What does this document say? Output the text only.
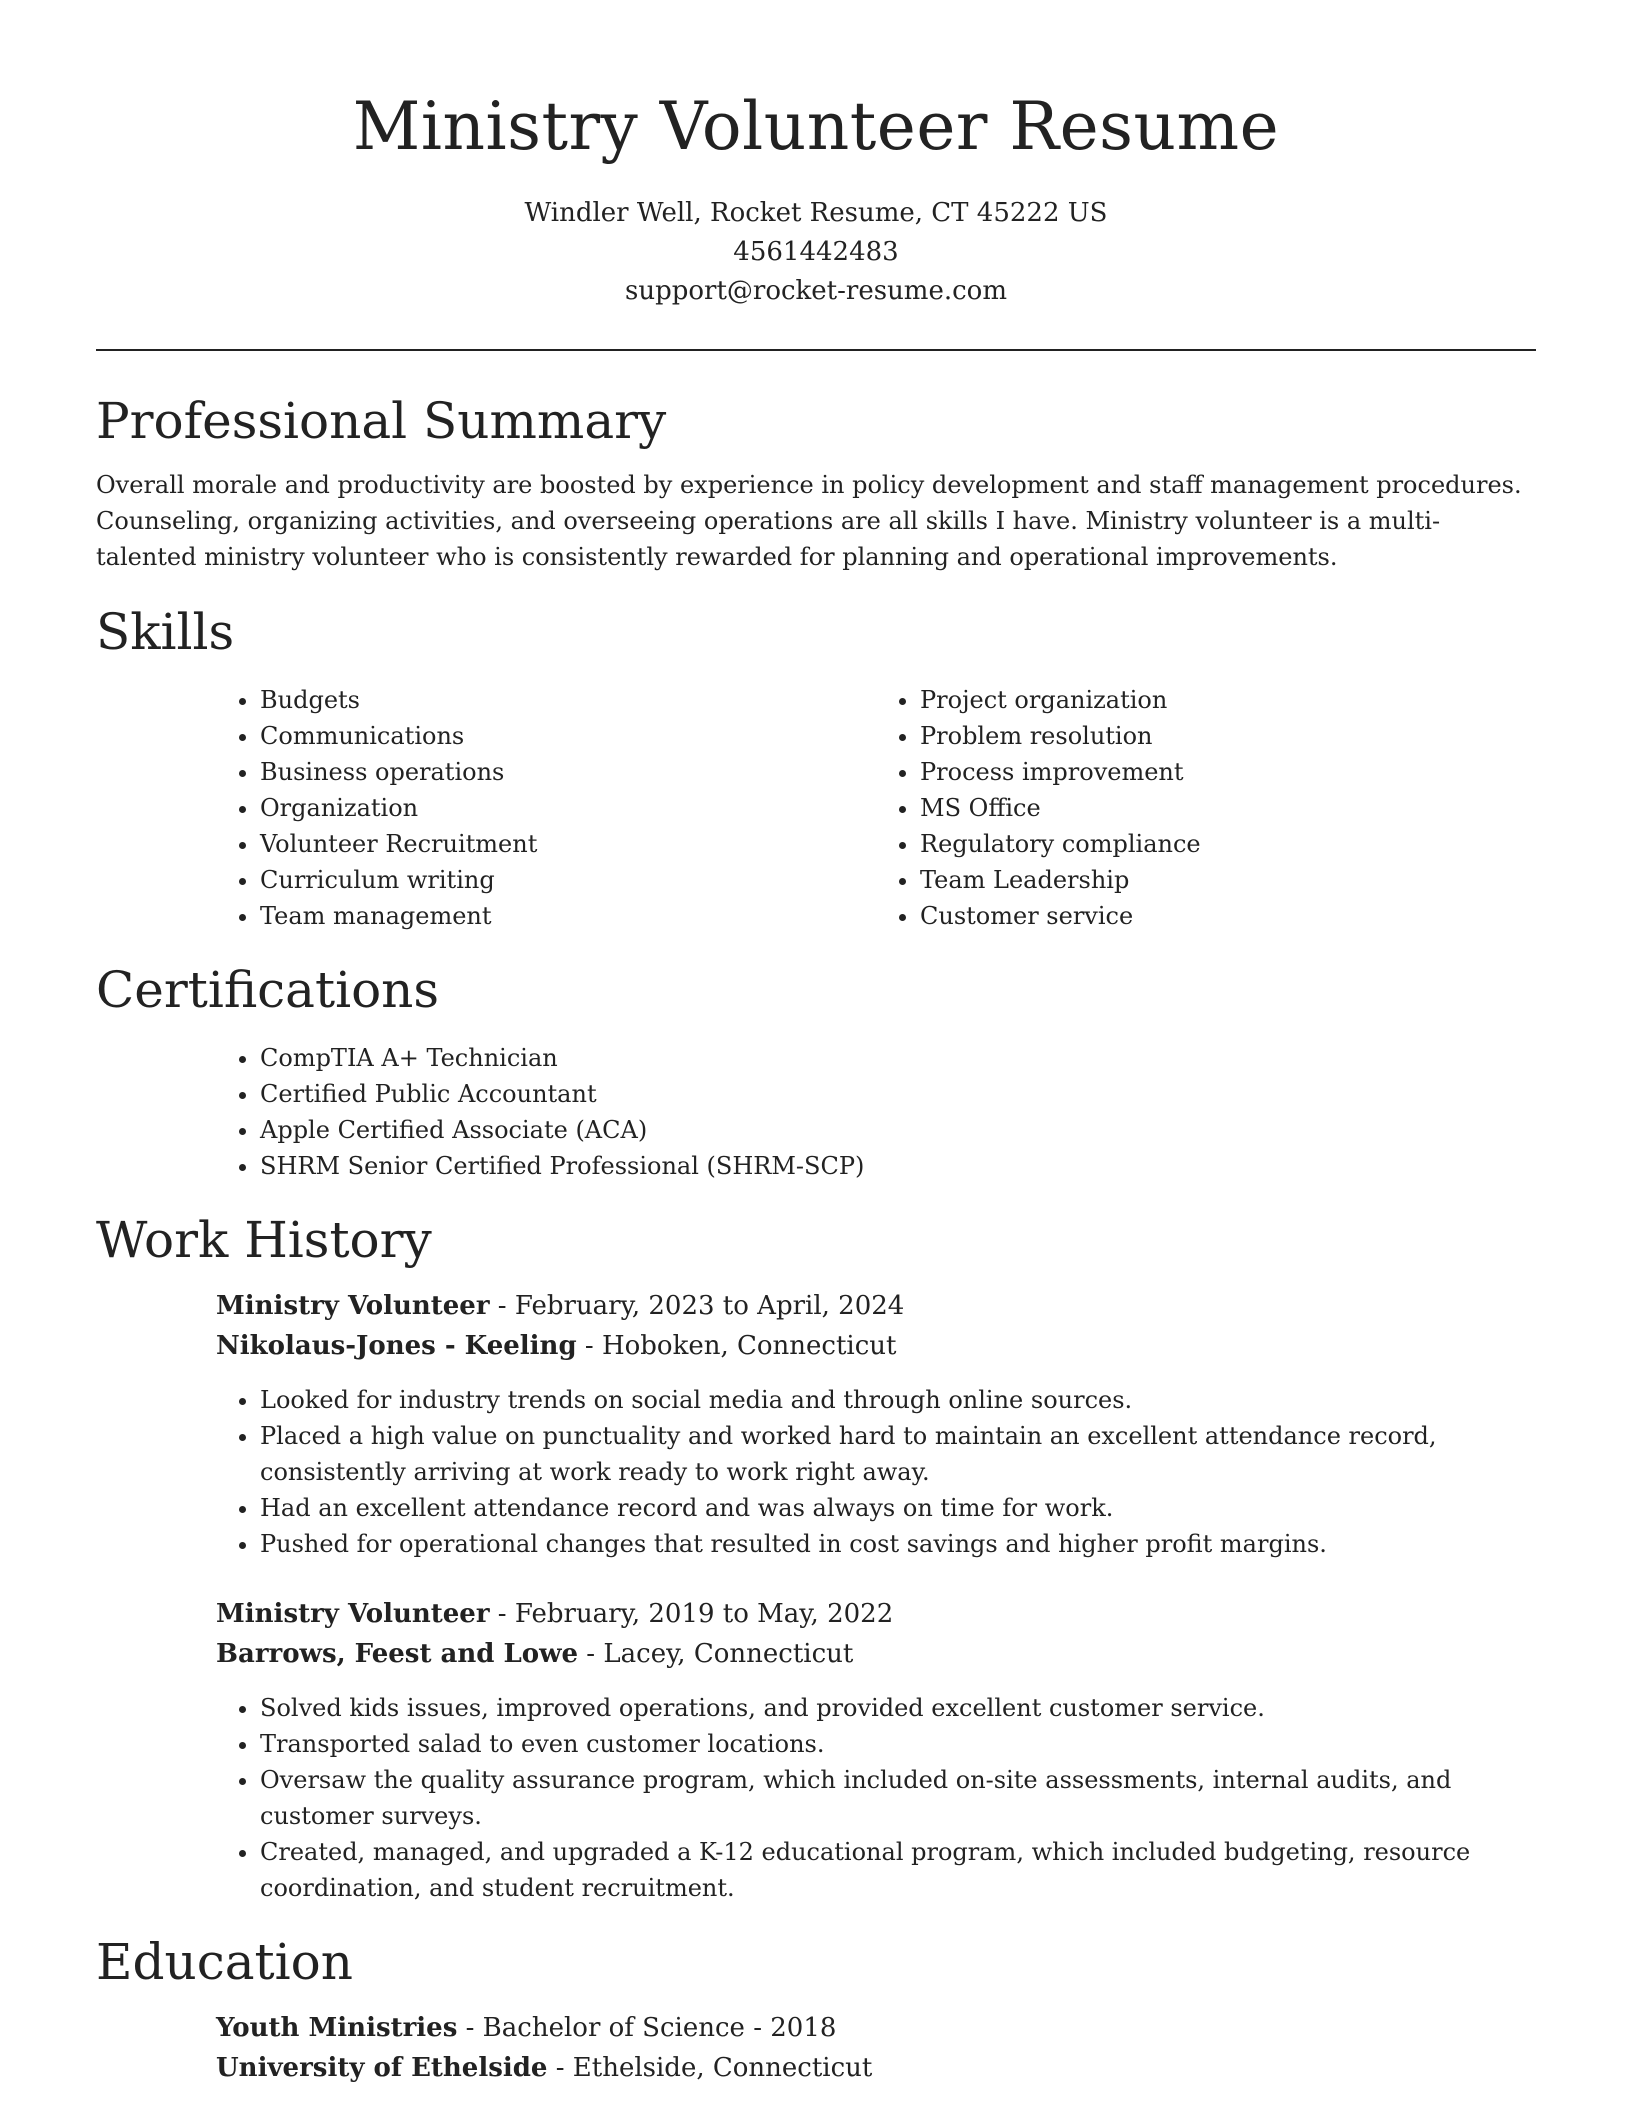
Ministry Volunteer Resume
Windler Well, Rocket Resume, CT 45222 US
4561442483
support@rocket-resume.com
Professional Summary

Overall morale and productivity are boosted by experience in policy development and staff management procedures. Counseling, organizing activities, and overseeing operations are all skills I have. Ministry volunteer is a multi-talented ministry volunteer who is consistently rewarded for planning and operational improvements.

Skills
• Budgets
• Communications
• Business operations
• Organization
• Volunteer Recruitment
• Curriculum writing
• Team management
• Project organization
• Problem resolution
• Process improvement
• MS Office
• Regulatory compliance
• Team Leadership
• Customer service
Certifications
• CompTIA A+ Technician
• Certified Public Accountant
• Apple Certified Associate (ACA)
• SHRM Senior Certified Professional (SHRM-SCP)
Work History
Ministry Volunteer - February, 2023 to April, 2024
Nikolaus-Jones - Keeling - Hoboken, Connecticut
• Looked for industry trends on social media and through online sources.
• Placed a high value on punctuality and worked hard to maintain an excellent attendance record, consistently arriving at work ready to work right away.
• Had an excellent attendance record and was always on time for work.
• Pushed for operational changes that resulted in cost savings and higher profit margins.
Ministry Volunteer - February, 2019 to May, 2022
Barrows, Feest and Lowe - Lacey, Connecticut
• Solved kids issues, improved operations, and provided excellent customer service.
• Transported salad to even customer locations.
• Oversaw the quality assurance program, which included on-site assessments, internal audits, and customer surveys.
• Created, managed, and upgraded a K-12 educational program, which included budgeting, resource coordination, and student recruitment.
Education
Youth Ministries - Bachelor of Science - 2018
University of Ethelside - Ethelside, Connecticut
